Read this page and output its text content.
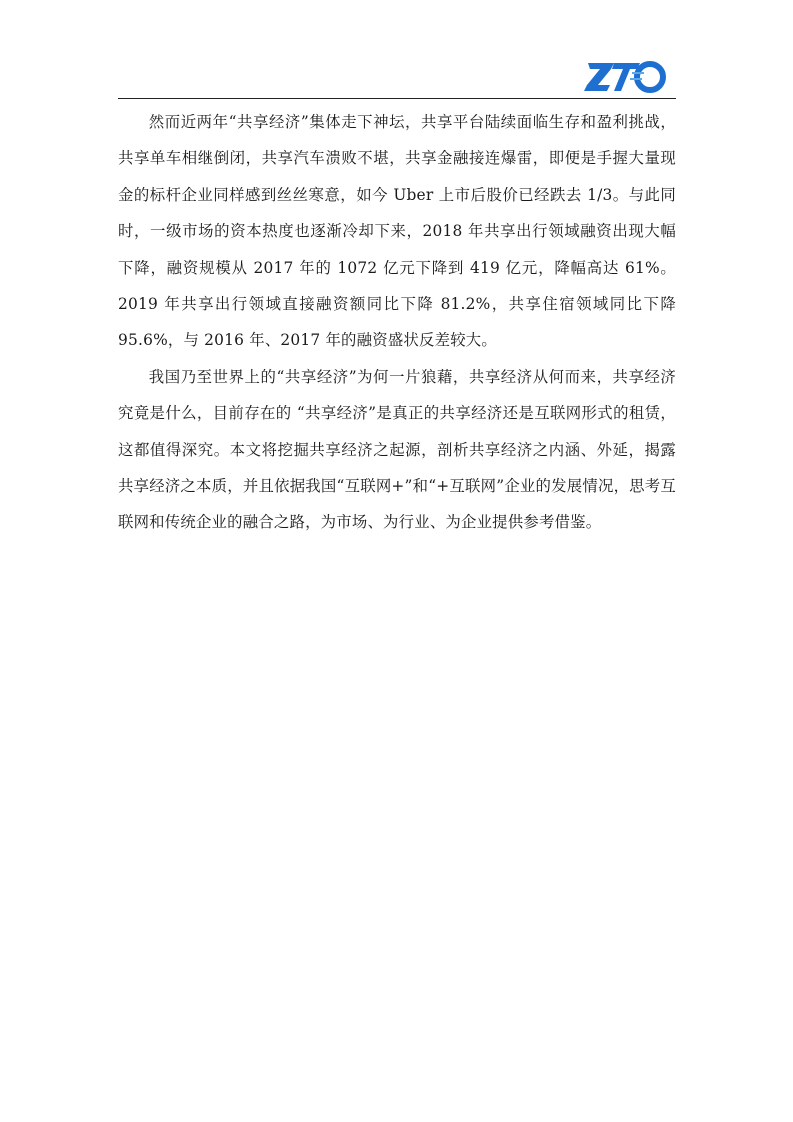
然而近两年“共享经济”集体走下神坛，共享平台陆续面临生存和盈利挑战，共享单车相继倒闭，共享汽车溃败不堪，共享金融接连爆雷，即便是手握大量现金的标杆企业同样感到丝丝寒意，如今 Uber 上市后股价已经跌去 1/3。与此同时，一级市场的资本热度也逐渐冷却下来，2018 年共享出行领域融资出现大幅下降，融资规模从 2017 年的 1072 亿元下降到 419 亿元，降幅高达 61%。2019 年共享出行领域直接融资额同比下降 81.2%，共享住宿领域同比下降 95.6%，与 2016 年、2017 年的融资盛状反差较大。

我国乃至世界上的“共享经济”为何一片狼藉，共享经济从何而来，共享经济究竟是什么，目前存在的 “共享经济”是真正的共享经济还是互联网形式的租赁，这都值得深究。本文将挖掘共享经济之起源，剖析共享经济之内涵、外延，揭露共享经济之本质，并且依据我国“互联网+”和“+互联网”企业的发展情况，思考互联网和传统企业的融合之路，为市场、为行业、为企业提供参考借鉴。
